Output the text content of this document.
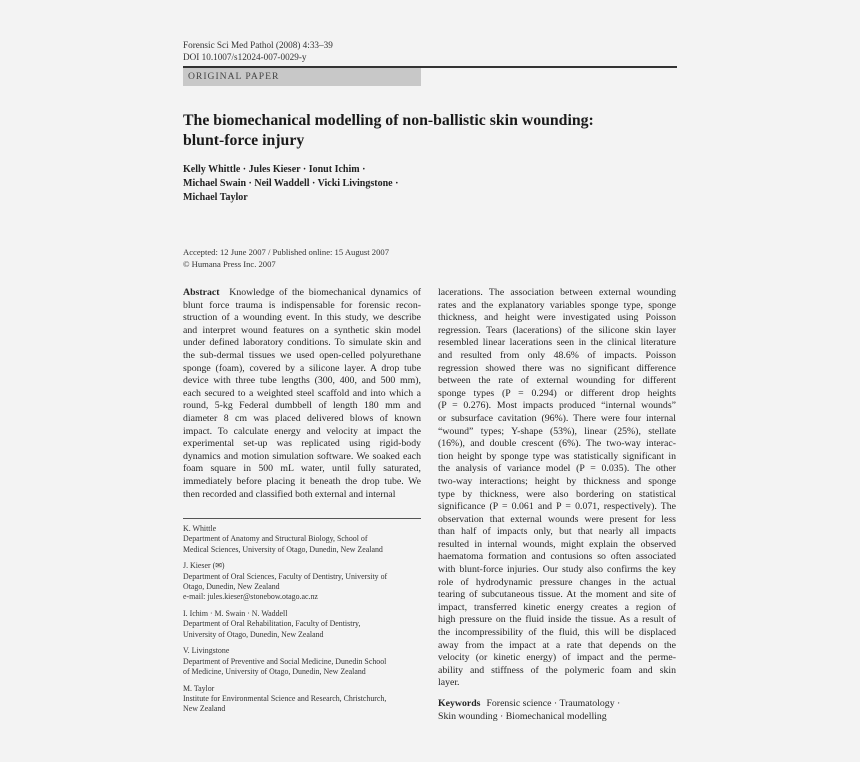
Forensic Sci Med Pathol (2008) 4:33–39
DOI 10.1007/s12024-007-0029-y
ORIGINAL PAPER
The biomechanical modelling of non-ballistic skin wounding:
blunt-force injury
Kelly Whittle · Jules Kieser · Ionut Ichim ·
Michael Swain · Neil Waddell · Vicki Livingstone ·
Michael Taylor
Accepted: 12 June 2007 / Published online: 15 August 2007
© Humana Press Inc. 2007
Abstract  Knowledge of the biomechanical dynamics of
blunt force trauma is indispensable for forensic recon-
struction of a wounding event. In this study, we describe
and interpret wound features on a synthetic skin model
under defined laboratory conditions. To simulate skin and
the sub-dermal tissues we used open-celled polyurethane
sponge (foam), covered by a silicone layer. A drop tube
device with three tube lengths (300, 400, and 500 mm),
each secured to a weighted steel scaffold and into which a
round, 5-kg Federal dumbbell of length 180 mm and
diameter 8 cm was placed delivered blows of known
impact. To calculate energy and velocity at impact the
experimental set-up was replicated using rigid-body
dynamics and motion simulation software. We soaked each
foam square in 500 mL water, until fully saturated,
immediately before placing it beneath the drop tube. We
then recorded and classified both external and internal
lacerations. The association between external wounding
rates and the explanatory variables sponge type, sponge
thickness, and height were investigated using Poisson
regression. Tears (lacerations) of the silicone skin layer
resembled linear lacerations seen in the clinical literature
and resulted from only 48.6% of impacts. Poisson
regression showed there was no significant difference
between the rate of external wounding for different
sponge types (P = 0.294) or different drop heights
(P = 0.276). Most impacts produced “internal wounds”
or subsurface cavitation (96%). There were four internal
“wound” types; Y-shape (53%), linear (25%), stellate
(16%), and double crescent (6%). The two-way interac-
tion height by sponge type was statistically significant in
the analysis of variance model (P = 0.035). The other
two-way interactions; height by thickness and sponge
type by thickness, were also bordering on statistical
significance (P = 0.061 and P = 0.071, respectively). The
observation that external wounds were present for less
than half of impacts only, but that nearly all impacts
resulted in internal wounds, might explain the observed
haematoma formation and contusions so often associated
with blunt-force injuries. Our study also confirms the key
role of hydrodynamic pressure changes in the actual
tearing of subcutaneous tissue. At the moment and site of
impact, transferred kinetic energy creates a region of
high pressure on the fluid inside the tissue. As a result of
the incompressibility of the fluid, this will be displaced
away from the impact at a rate that depends on the
velocity (or kinetic energy) of impact and the perme-
ability and stiffness of the polymeric foam and skin
layer.
K. Whittle
Department of Anatomy and Structural Biology, School of
Medical Sciences, University of Otago, Dunedin, New Zealand
J. Kieser (✉)
Department of Oral Sciences, Faculty of Dentistry, University of
Otago, Dunedin, New Zealand
e-mail: jules.kieser@stonebow.otago.ac.nz
I. Ichim · M. Swain · N. Waddell
Department of Oral Rehabilitation, Faculty of Dentistry,
University of Otago, Dunedin, New Zealand
V. Livingstone
Department of Preventive and Social Medicine, Dunedin School
of Medicine, University of Otago, Dunedin, New Zealand
M. Taylor
Institute for Environmental Science and Research, Christchurch,
New Zealand	Keywords Forensic science · Traumatology ·
Skin wounding · Biomechanical modelling
